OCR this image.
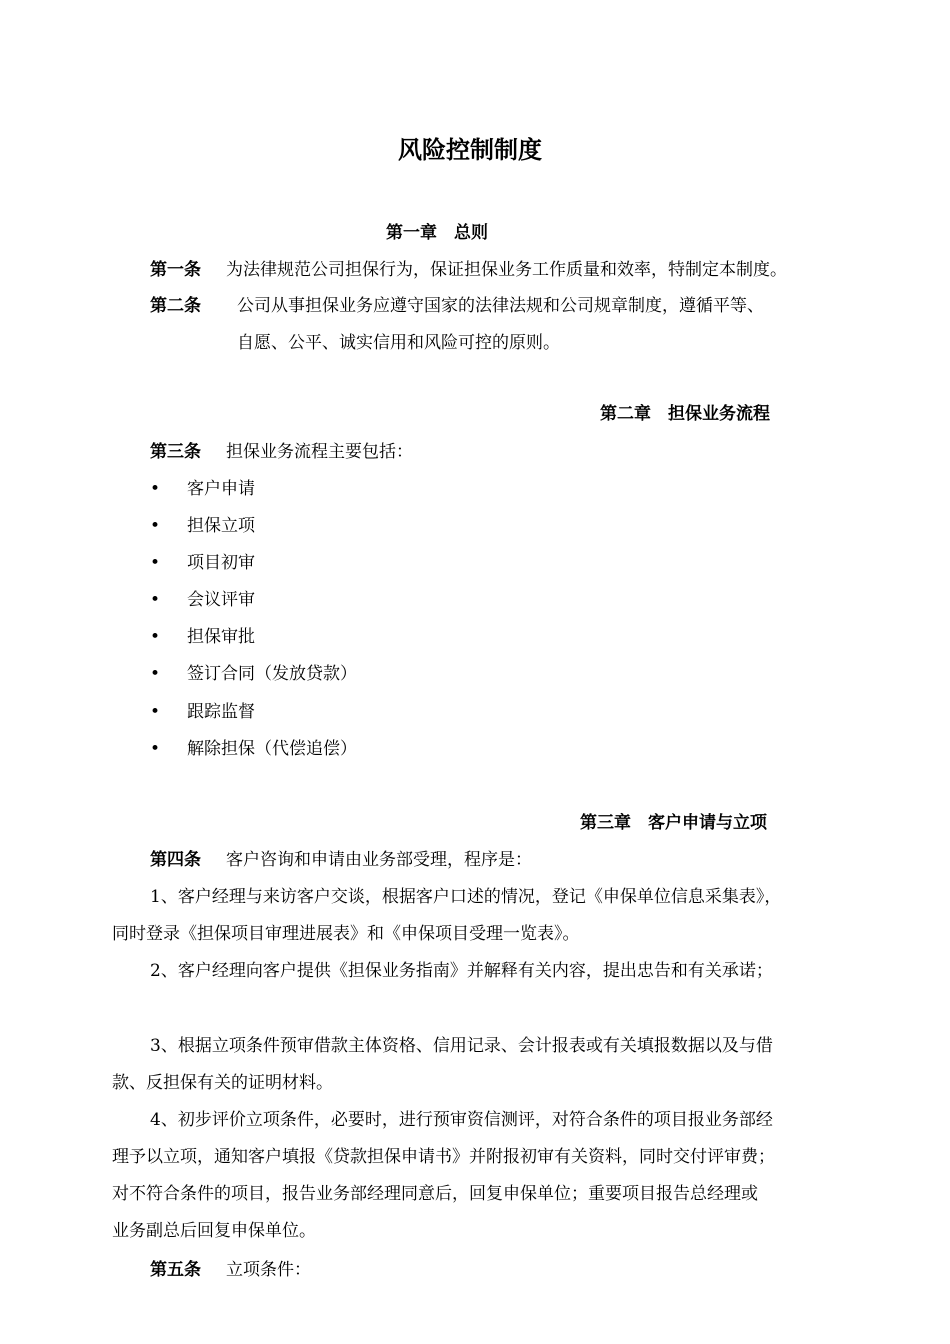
风险控制制度
第一章　总则
第一条 为法律规范公司担保行为，保证担保业务工作质量和效率，特制定本制度。
第二条 公司从事担保业务应遵守国家的法律法规和公司规章制度，遵循平等、
自愿、公平、诚实信用和风险可控的原则。
第二章　担保业务流程
第三条 担保业务流程主要包括：
• 客户申请
• 担保立项
• 项目初审
• 会议评审
• 担保审批
• 签订合同（发放贷款）
• 跟踪监督
• 解除担保（代偿追偿）
第三章　客户申请与立项
第四条 客户咨询和申请由业务部受理，程序是：
1、客户经理与来访客户交谈，根据客户口述的情况，登记《申保单位信息采集表》，
同时登录《担保项目审理进展表》和《申保项目受理一览表》。
2、客户经理向客户提供《担保业务指南》并解释有关内容，提出忠告和有关承诺；
3、根据立项条件预审借款主体资格、信用记录、会计报表或有关填报数据以及与借
款、反担保有关的证明材料。
4、初步评价立项条件，必要时，进行预审资信测评，对符合条件的项目报业务部经
理予以立项，通知客户填报《贷款担保申请书》并附报初审有关资料，同时交付评审费；
对不符合条件的项目，报告业务部经理同意后，回复申保单位；重要项目报告总经理或
业务副总后回复申保单位。
第五条 立项条件：
